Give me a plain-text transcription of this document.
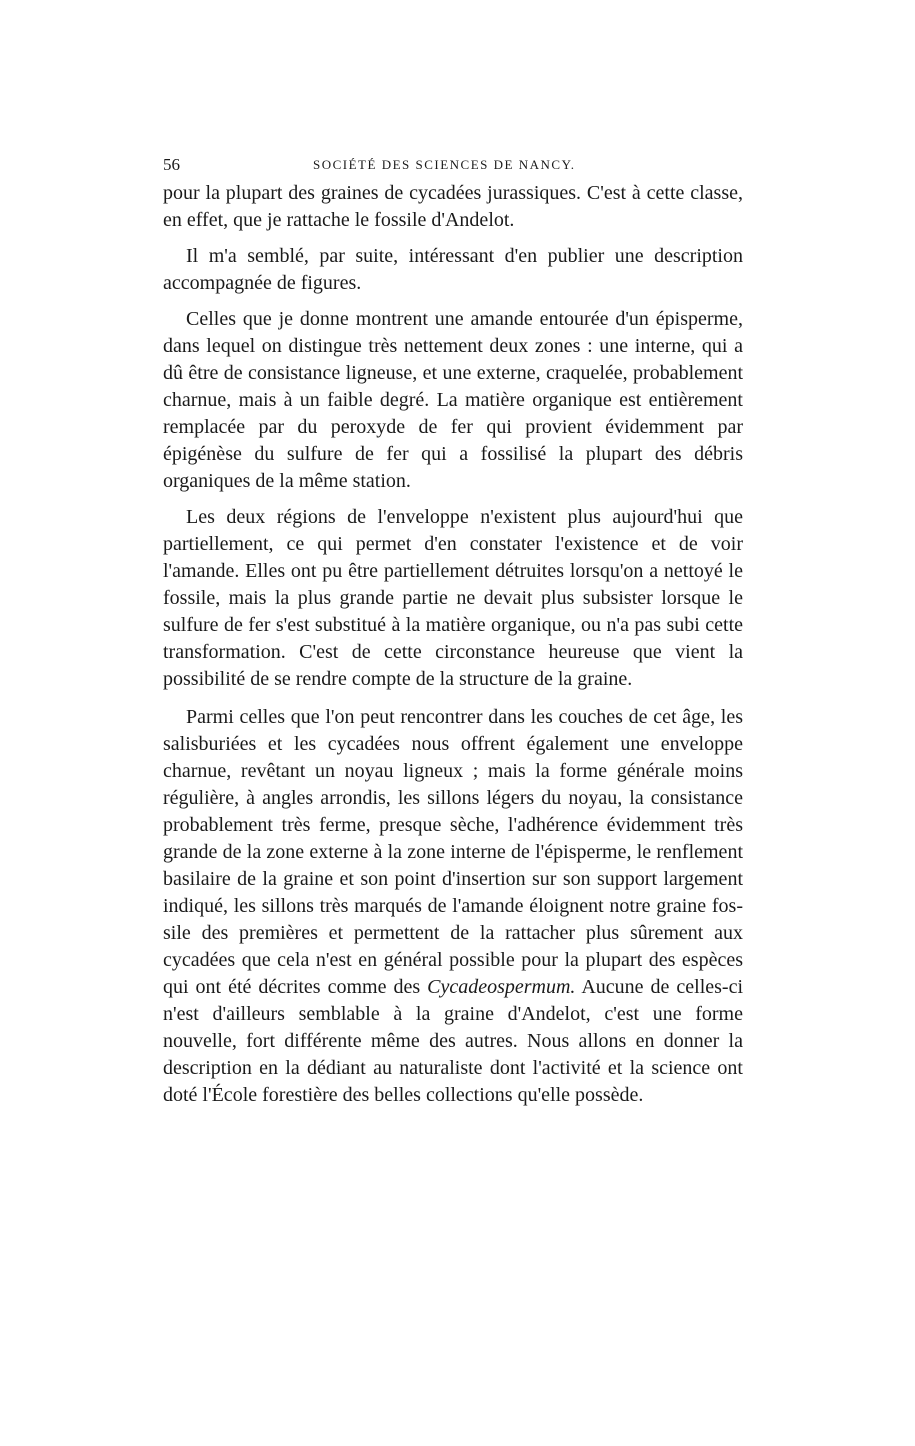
56	SOCIÉTÉ DES SCIENCES DE NANCY.

pour la plupart des graines de cycadées jurassiques. C'est à cette classe, en effet, que je rattache le fossile d'Andelot.

Il m'a semblé, par suite, intéressant d'en publier une description accompagnée de figures.

Celles que je donne montrent une amande entourée d'un épisperme, dans lequel on distingue très nettement deux zones : une interne, qui a dû être de consistance ligneuse, et une externe, craquelée, probablement charnue, mais à un faible degré. La matière organique est entièrement remplacée par du peroxyde de fer qui provient évidemment par épigénèse du sulfure de fer qui a fossilisé la plupart des débris organiques de la même station.

Les deux régions de l'enveloppe n'existent plus aujourd'hui que partiellement, ce qui permet d'en constater l'existence et de voir l'amande. Elles ont pu être partiellement détruites lorsqu'on a nettoyé le fossile, mais la plus grande partie ne devait plus subsister lorsque le sulfure de fer s'est substitué à la matière organique, ou n'a pas subi cette transformation. C'est de cette circonstance heureuse que vient la possibilité de se rendre compte de la structure de la graine.

Parmi celles que l'on peut rencontrer dans les couches de cet âge, les salisburiées et les cycadées nous offrent également une enveloppe charnue, revêtant un noyau ligneux ; mais la forme générale moins régulière, à angles arrondis, les sillons légers du noyau, la consistance probablement très ferme, presque sèche, l'adhérence évidemment très grande de la zone externe à la zone interne de l'épisperme, le renflement basilaire de la graine et son point d'insertion sur son support largement indiqué, les sillons très marqués de l'amande éloignent notre graine fossile des premières et permettent de la rattacher plus sûrement aux cycadées que cela n'est en général possible pour la plupart des espèces qui ont été décrites comme des Cycadeospermum. Aucune de celles-ci n'est d'ailleurs semblable à la graine d'Andelot, c'est une forme nouvelle, fort différente même des autres. Nous allons en donner la description en la dédiant au naturaliste dont l'activité et la science ont doté l'École forestière des belles collections qu'elle possède.
